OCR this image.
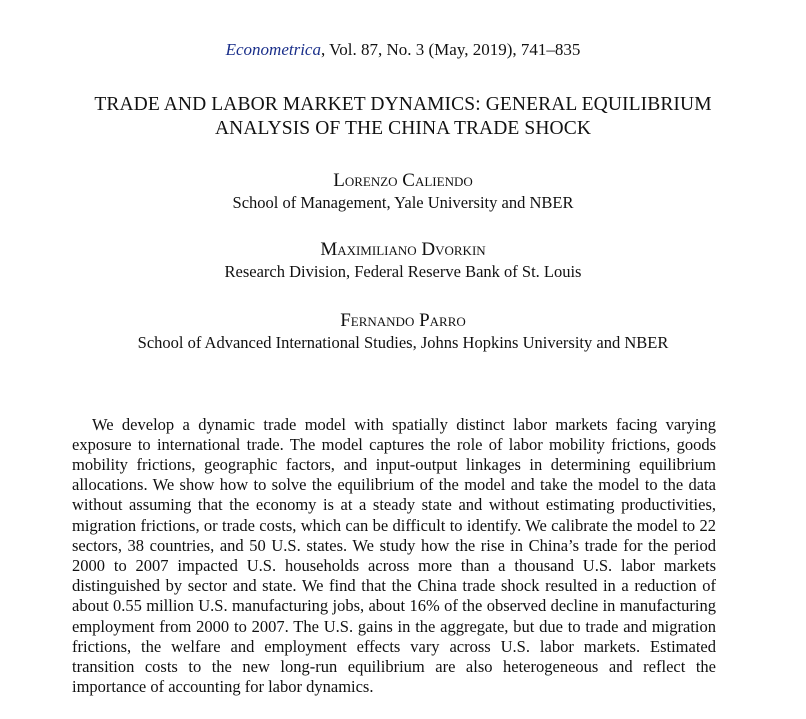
Econometrica, Vol. 87, No. 3 (May, 2019), 741–835
TRADE AND LABOR MARKET DYNAMICS: GENERAL EQUILIBRIUM
ANALYSIS OF THE CHINA TRADE SHOCK
Lorenzo Caliendo
School of Management, Yale University and NBER
Maximiliano Dvorkin
Research Division, Federal Reserve Bank of St. Louis
Fernando Parro
School of Advanced International Studies, Johns Hopkins University and NBER

We develop a dynamic trade model with spatially distinct labor markets facing varying exposure to international trade. The model captures the role of labor mobility frictions, goods mobility frictions, geographic factors, and input-output linkages in determining equilibrium allocations. We show how to solve the equilibrium of the model and take the model to the data without assuming that the economy is at a steady state and without estimating productivities, migration frictions, or trade costs, which can be difficult to identify. We calibrate the model to 22 sectors, 38 countries, and 50 U.S. states. We study how the rise in China’s trade for the period 2000 to 2007 impacted U.S. households across more than a thousand U.S. labor markets distinguished by sector and state. We find that the China trade shock resulted in a reduction of about 0.55 million U.S. manufacturing jobs, about 16% of the observed decline in manufacturing employment from 2000 to 2007. The U.S. gains in the aggregate, but due to trade and migration frictions, the welfare and employment effects vary across U.S. labor markets. Estimated transition costs to the new long-run equilibrium are also heterogeneous and reflect the importance of accounting for labor dynamics.
